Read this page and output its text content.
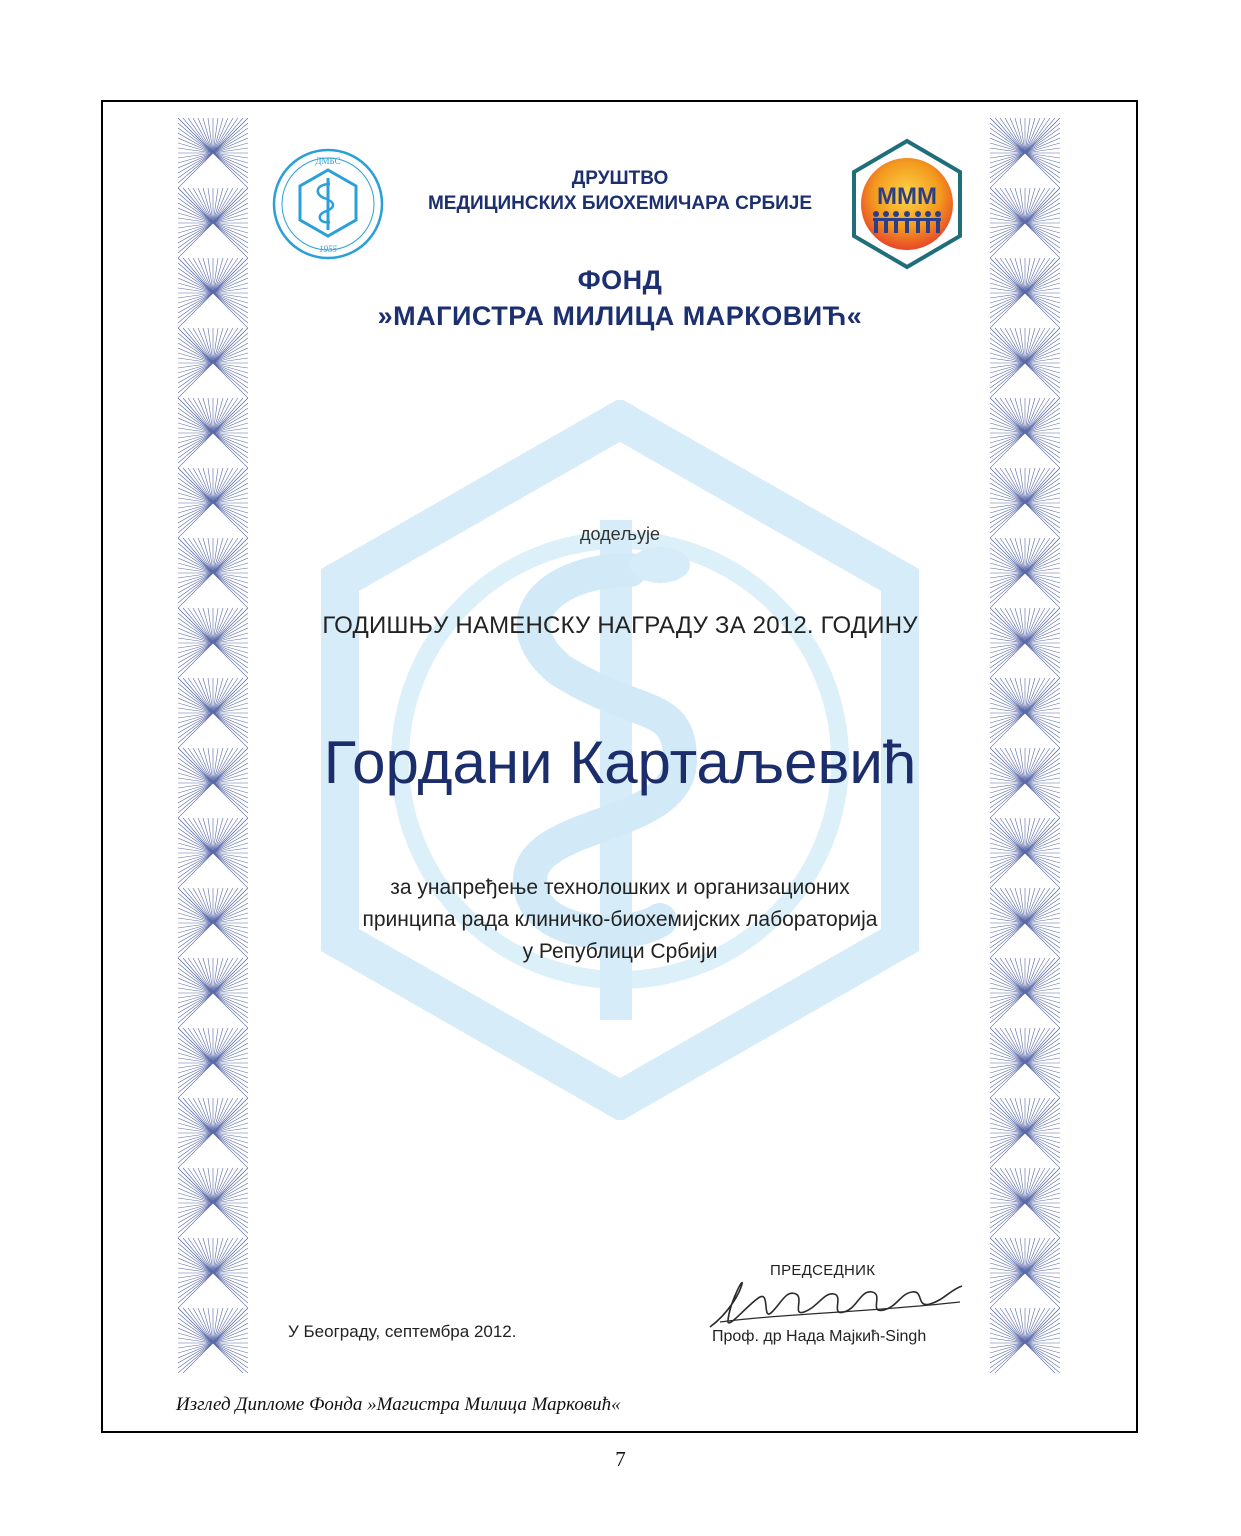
ДМБС
1955
МММ
ДРУШТВО
МЕДИЦИНСКИХ БИОХЕМИЧАРА СРБИЈЕ
ФОНД
»МАГИСТРА МИЛИЦА МАРКОВИЋ«
додељује
ГОДИШЊУ НАМЕНСКУ НАГРАДУ ЗА 2012. ГОДИНУ
Гордани Картаљевић
за унапређење технолошких и организационих
принципа рада клиничко-биохемијских лабораторија
у Републици Србији
У Београду, септембра 2012.
ПРЕДСЕДНИК
Проф. др Нада Мајкић-Singh
Изглед Дипломе Фонда »Магистра Милица Марковић«
7
